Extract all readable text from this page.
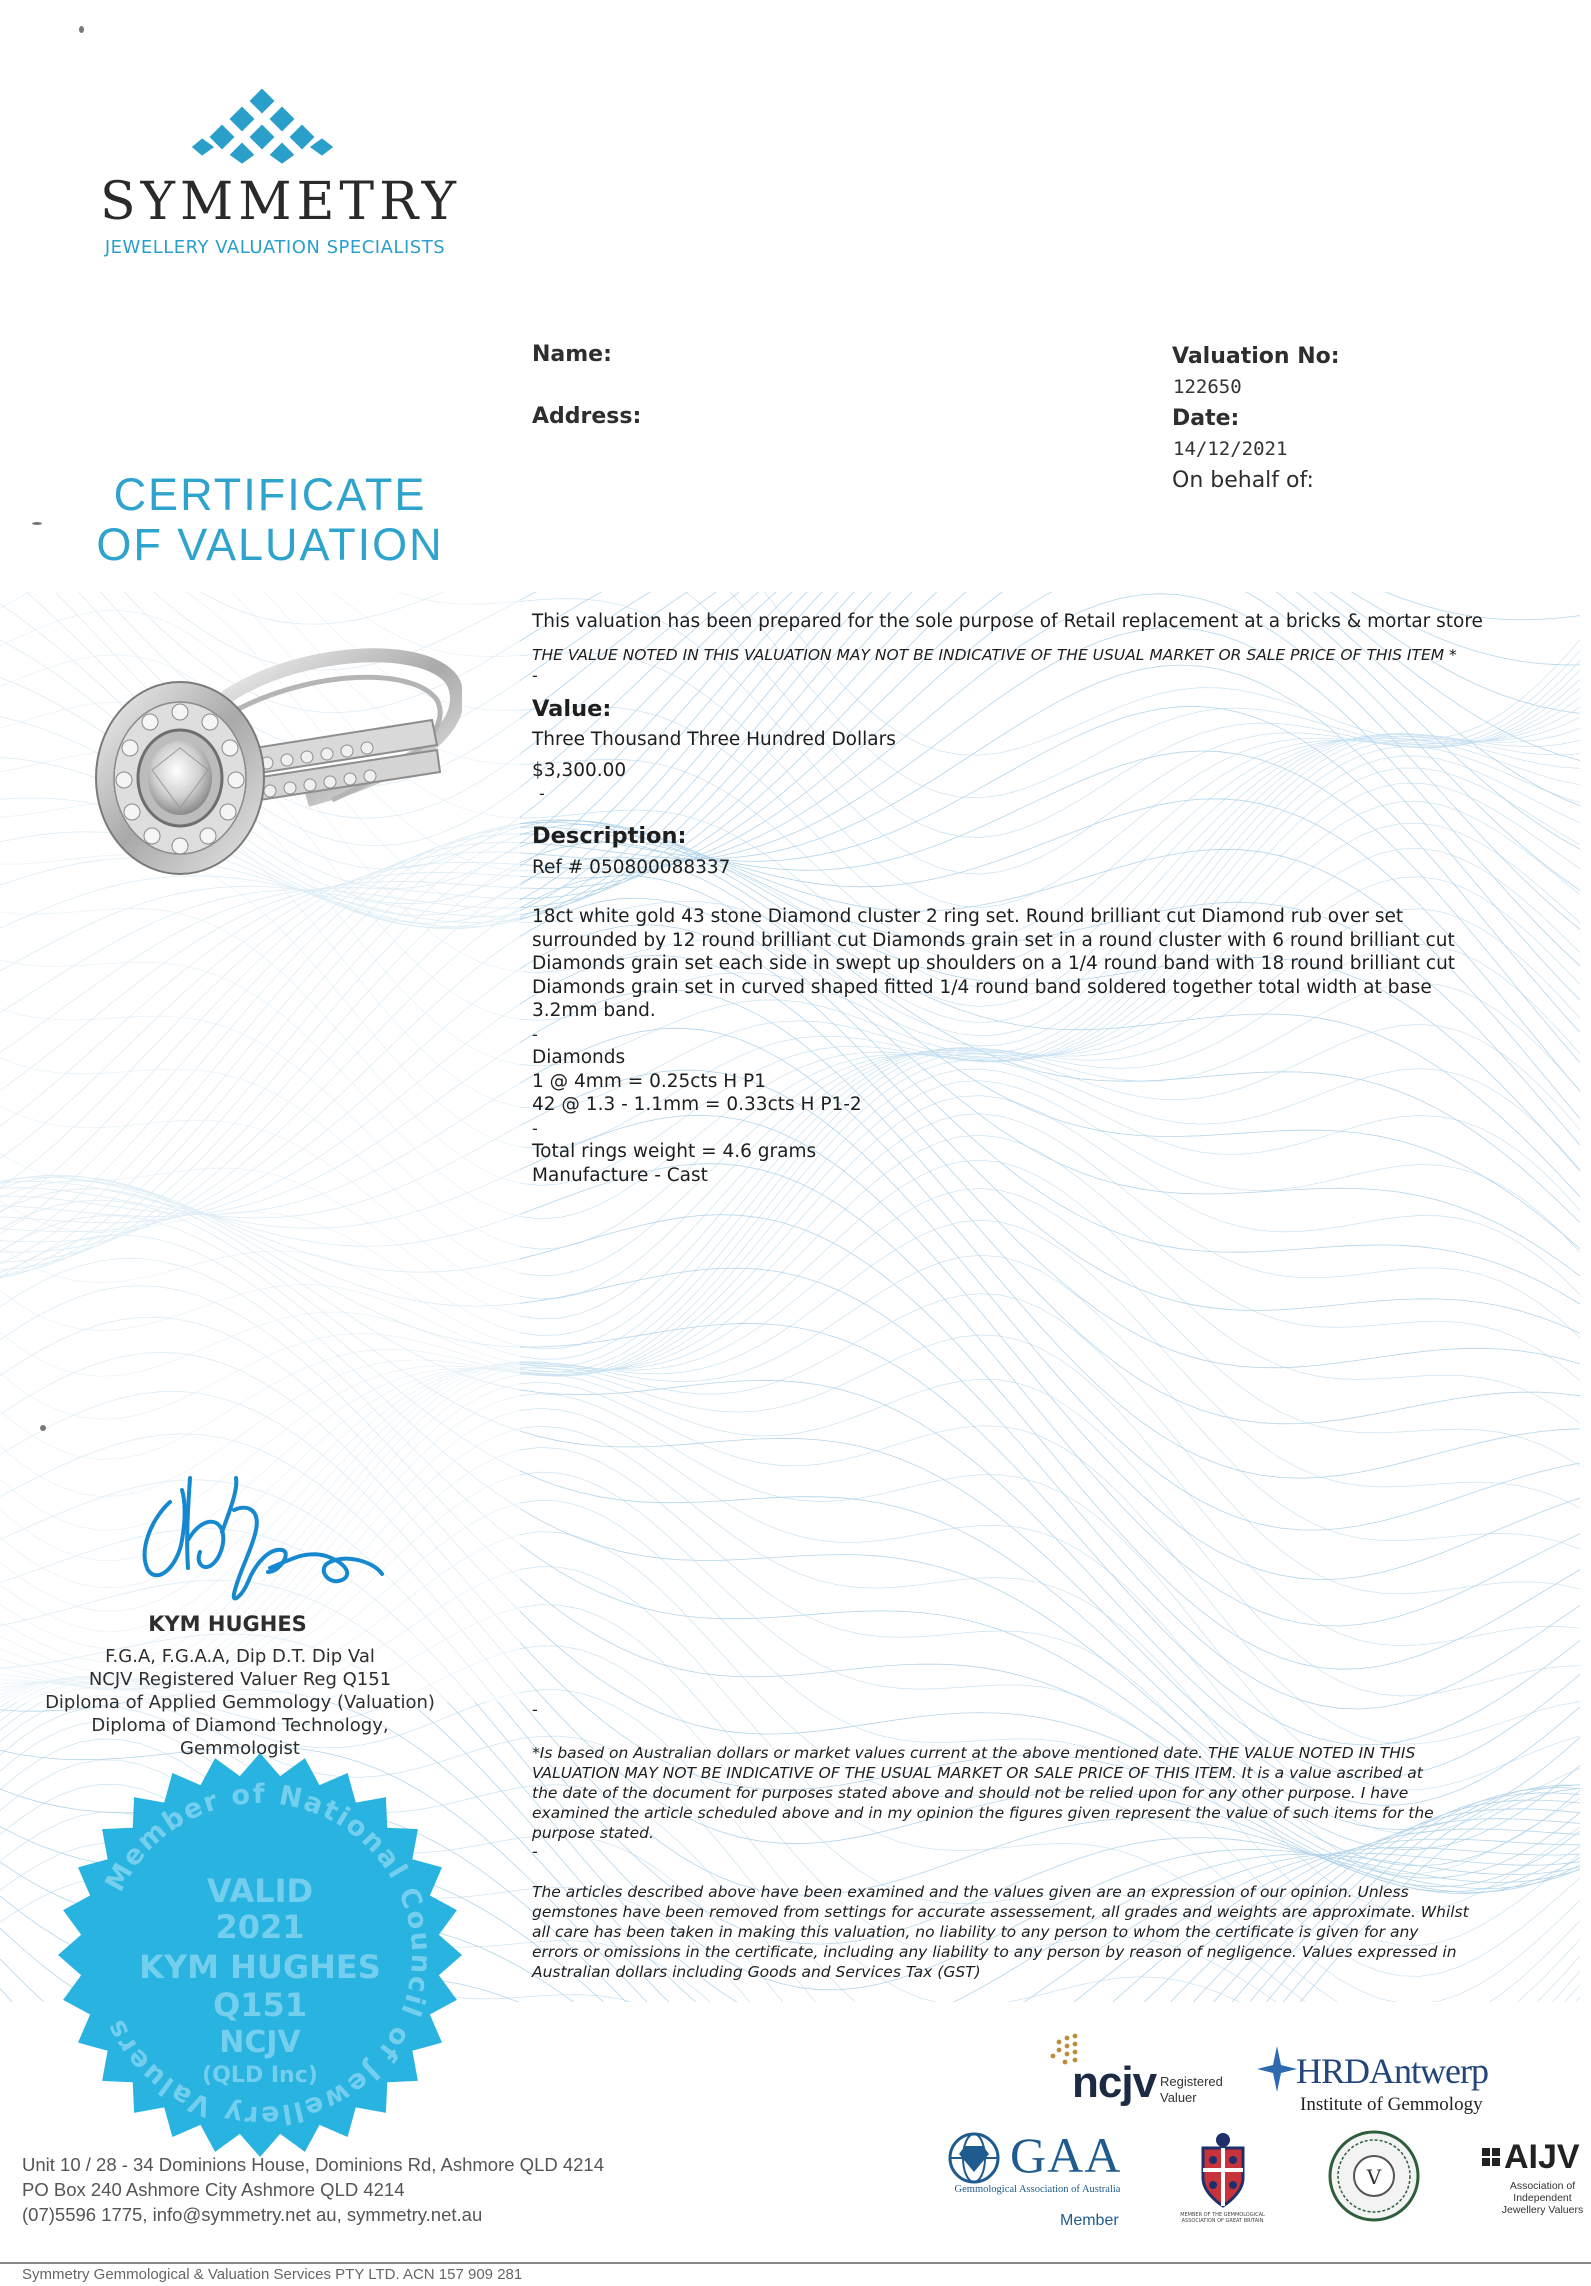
SYMMETRY
JEWELLERY VALUATION SPECIALISTS
CERTIFICATE
OF VALUATION
Name:
Address:
Valuation No:
122650
Date:
14/12/2021
On behalf of:
This valuation has been prepared for the sole purpose of Retail replacement at a bricks & mortar store
THE VALUE NOTED IN THIS VALUATION MAY NOT BE INDICATIVE OF THE USUAL MARKET OR SALE PRICE OF THIS ITEM *
-
Value:
Three Thousand Three Hundred Dollars
$3,300.00
-
Description:
Ref # 050800088337
18ct white gold 43 stone Diamond cluster 2 ring set. Round brilliant cut Diamond rub over set
surrounded by 12 round brilliant cut Diamonds grain set in a round cluster with 6 round brilliant cut
Diamonds grain set each side in swept up shoulders on a 1/4 round band with 18 round brilliant cut
Diamonds grain set in curved shaped fitted 1/4 round band soldered together total width at base
3.2mm band.
-
Diamonds
1 @ 4mm = 0.25cts H P1
42 @ 1.3 - 1.1mm = 0.33cts H P1-2
-
Total rings weight = 4.6 grams
Manufacture - Cast
-
*Is based on Australian dollars or market values current at the above mentioned date. THE VALUE NOTED IN THIS
VALUATION MAY NOT BE INDICATIVE OF THE USUAL MARKET OR SALE PRICE OF THIS ITEM. It is a value ascribed at
the date of the document for purposes stated above and should not be relied upon for any other purpose. I have
examined the article scheduled above and in my opinion the figures given represent the value of such items for the
purpose stated.
-
The articles described above have been examined and the values given are an expression of our opinion. Unless
gemstones have been removed from settings for accurate assessement, all grades and weights are approximate. Whilst
all care has been taken in making this valuation, no liability to any person to whom the certificate is given for any
errors or omissions in the certificate, including any liability to any person by reason of negligence. Values expressed in
Australian dollars including Goods and Services Tax (GST)
KYM HUGHES
F.G.A, F.G.A.A, Dip D.T. Dip Val
NCJV Registered Valuer Reg Q151
Diploma of Applied Gemmology (Valuation)
Diploma of Diamond Technology,
Gemmologist
Member of National Council of Jewellery Valuers
VALID
2021
KYM HUGHES
Q151
NCJV
(QLD Inc)	ncjv Registered
Valuer
HRDAntwerp
Institute of Gemmology
GAA
Gemmological Association of Australia
Member	MEMBER OF THE GEMMOLOGICAL ASSOCIATION OF GREAT BRITAIN
V
AIJV
Association of
Independent
Jewellery Valuers
Unit 10 / 28 - 34 Dominions House, Dominions Rd, Ashmore QLD 4214
PO Box 240 Ashmore City Ashmore QLD 4214
(07)5596 1775, info@symmetry.net au, symmetry.net.au
Symmetry Gemmological & Valuation Services PTY LTD. ACN 157 909 281
